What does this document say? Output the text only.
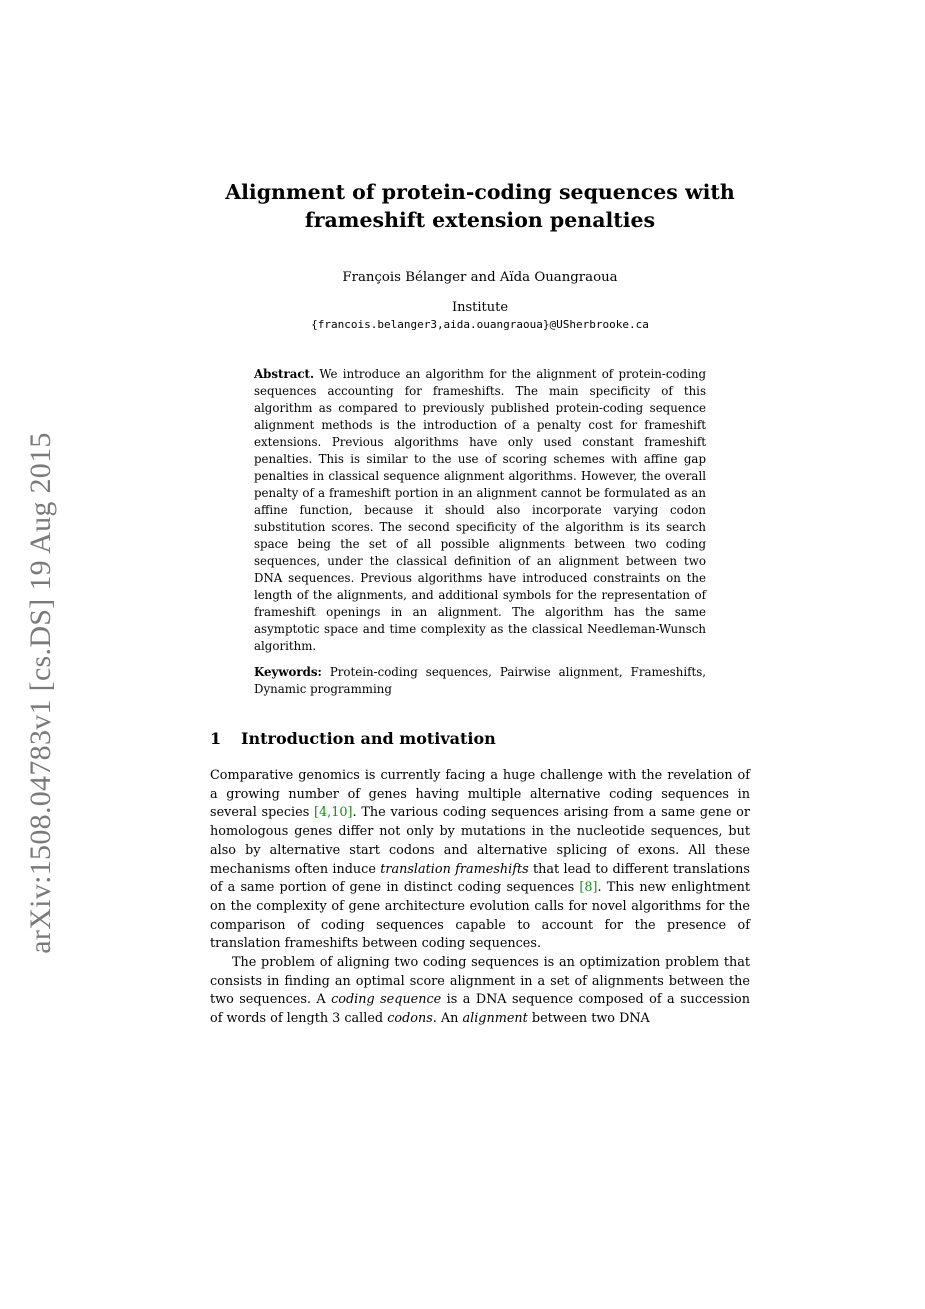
arXiv:1508.04783v1 [cs.DS] 19 Aug 2015
Alignment of protein-coding sequences with
frameshift extension penalties
François Bélanger and Aïda Ouangraoua
Institute
{francois.belanger3,aida.ouangraoua}@USherbrooke.ca

Abstract. We introduce an algorithm for the alignment of protein-coding sequences accounting for frameshifts. The main specificity of this algorithm as compared to previously published protein-coding sequence alignment methods is the introduction of a penalty cost for frameshift extensions. Previous algorithms have only used constant frameshift penalties. This is similar to the use of scoring schemes with affine gap penalties in classical sequence alignment algorithms. However, the overall penalty of a frameshift portion in an alignment cannot be formulated as an affine function, because it should also incorporate varying codon substitution scores. The second specificity of the algorithm is its search space being the set of all possible alignments between two coding sequences, under the classical definition of an alignment between two DNA sequences. Previous algorithms have introduced constraints on the length of the alignments, and additional symbols for the representation of frameshift openings in an alignment. The algorithm has the same asymptotic space and time complexity as the classical Needleman-Wunsch algorithm.

Keywords: Protein-coding sequences, Pairwise alignment, Frameshifts, Dynamic programming

1	Introduction and motivation

Comparative genomics is currently facing a huge challenge with the revelation of a growing number of genes having multiple alternative coding sequences in several species [4,10]. The various coding sequences arising from a same gene or homologous genes differ not only by mutations in the nucleotide sequences, but also by alternative start codons and alternative splicing of exons. All these mechanisms often induce translation frameshifts that lead to different translations of a same portion of gene in distinct coding sequences [8]. This new enlightment on the complexity of gene architecture evolution calls for novel algorithms for the comparison of coding sequences capable to account for the presence of translation frameshifts between coding sequences.

The problem of aligning two coding sequences is an optimization problem that consists in finding an optimal score alignment in a set of alignments between the two sequences. A coding sequence is a DNA sequence composed of a succession of words of length 3 called codons. An alignment between two DNA
